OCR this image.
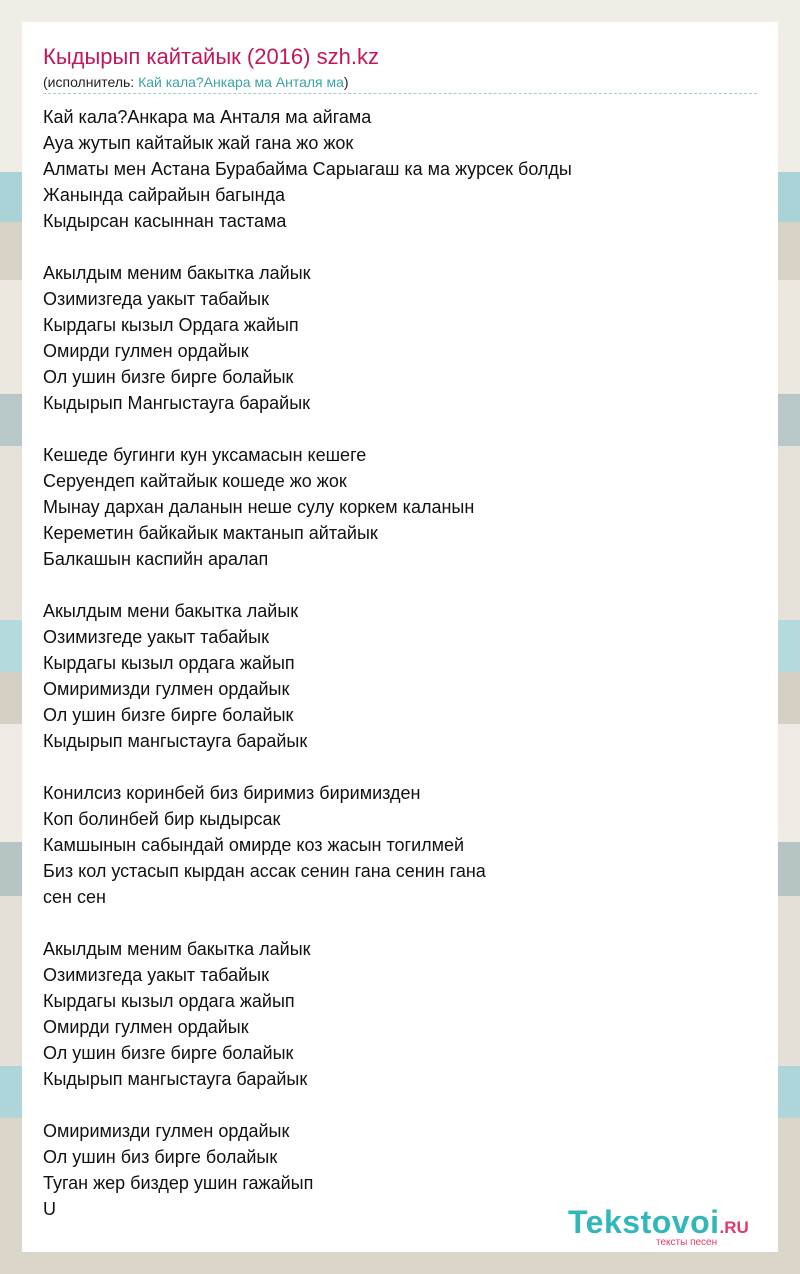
Кыдырып кайтайык (2016) szh.kz
(исполнитель: Кай кала?Анкара ма Анталя ма)
Кай кала?Анкара ма Анталя ма айгама
Ауа жутып кайтайык жай гана жо жок
Алматы мен Астана Бурабайма Сарыагаш ка ма журсек болды
Жанында сайрайын багында
Кыдырсан касыннан тастама
Акылдым меним бакытка лайык
Озимизгеда уакыт табайык
Кырдагы кызыл Ордага жайып
Омирди гулмен ордайык
Ол ушин бизге бирге болайык
Кыдырып Мангыстауга барайык
Кешеде бугинги кун уксамасын кешеге
Серуендеп кайтайык кошеде жо жок
Мынау дархан даланын неше сулу коркем каланын
Кереметин байкайык мактанып айтайык
Балкашын каспийн аралап
Акылдым мени бакытка лайык
Озимизгеде уакыт табайык
Кырдагы кызыл ордага жайып
Омиримизди гулмен ордайык
Ол ушин бизге бирге болайык
Кыдырып мангыстауга барайык
Конилсиз коринбей биз биримиз биримизден
Коп болинбей бир кыдырсак
Камшынын сабындай омирде коз жасын тогилмей
Биз кол устасып кырдан ассак сенин гана сенин гана
сен сен
Акылдым меним бакытка лайык
Озимизгеда уакыт табайык
Кырдагы кызыл ордага жайып
Омирди гулмен ордайык
Ол ушин бизге бирге болайык
Кыдырып мангыстауга барайык
Омиримизди гулмен ордайык
Ол ушин биз бирге болайык
Туган жер биздер ушин гажайып
U	Tekstovoi.RU
тексты песен
